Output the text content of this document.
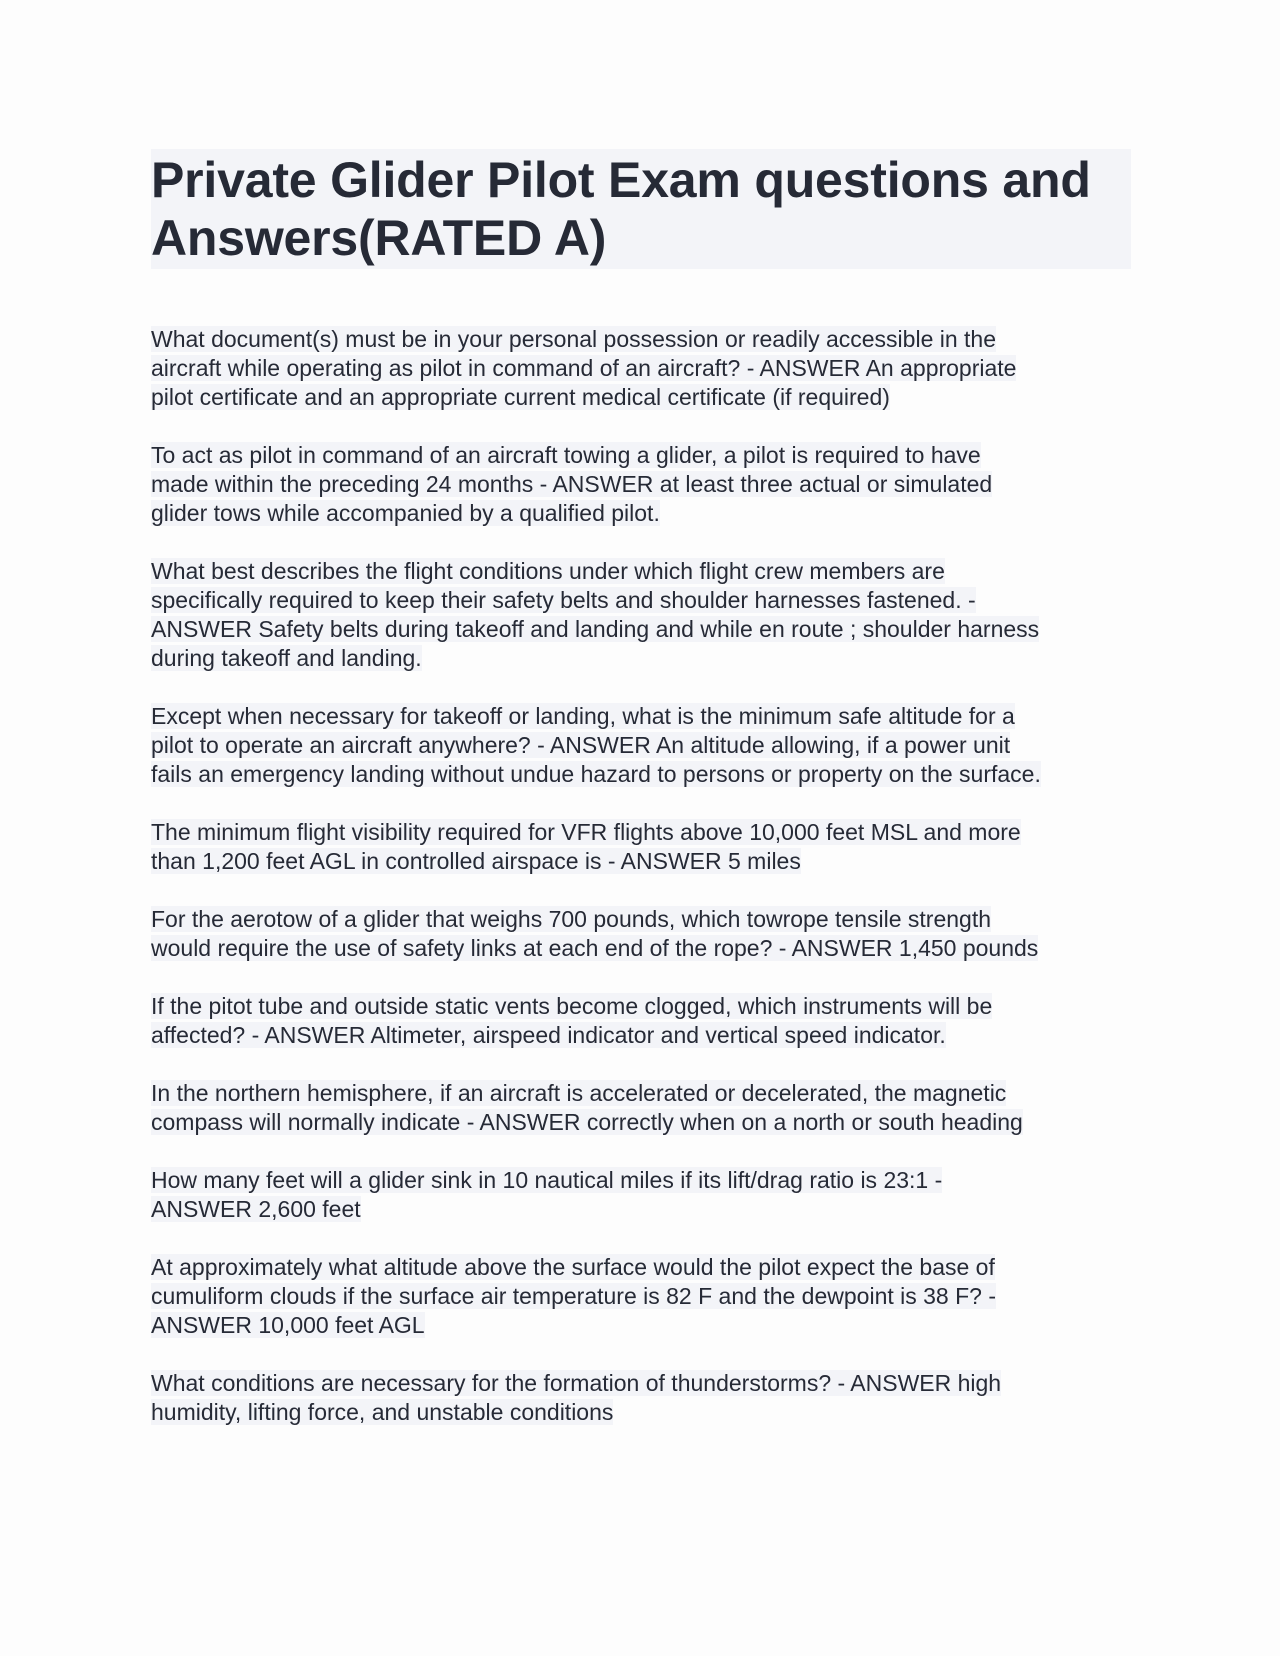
Private Glider Pilot Exam questions and Answers(RATED A)

What document(s) must be in your personal possession or readily accessible in the
aircraft while operating as pilot in command of an aircraft? - ANSWER An appropriate
pilot certificate and an appropriate current medical certificate (if required)

To act as pilot in command of an aircraft towing a glider, a pilot is required to have
made within the preceding 24 months - ANSWER at least three actual or simulated
glider tows while accompanied by a qualified pilot.

What best describes the flight conditions under which flight crew members are
specifically required to keep their safety belts and shoulder harnesses fastened. -
ANSWER Safety belts during takeoff and landing and while en route ; shoulder harness
during takeoff and landing.

Except when necessary for takeoff or landing, what is the minimum safe altitude for a
pilot to operate an aircraft anywhere? - ANSWER An altitude allowing, if a power unit
fails an emergency landing without undue hazard to persons or property on the surface.

The minimum flight visibility required for VFR flights above 10,000 feet MSL and more
than 1,200 feet AGL in controlled airspace is - ANSWER 5 miles

For the aerotow of a glider that weighs 700 pounds, which towrope tensile strength
would require the use of safety links at each end of the rope? - ANSWER 1,450 pounds

If the pitot tube and outside static vents become clogged, which instruments will be
affected? - ANSWER Altimeter, airspeed indicator and vertical speed indicator.

In the northern hemisphere, if an aircraft is accelerated or decelerated, the magnetic
compass will normally indicate - ANSWER correctly when on a north or south heading

How many feet will a glider sink in 10 nautical miles if its lift/drag ratio is 23:1 -
ANSWER 2,600 feet

At approximately what altitude above the surface would the pilot expect the base of
cumuliform clouds if the surface air temperature is 82 F and the dewpoint is 38 F? -
ANSWER 10,000 feet AGL

What conditions are necessary for the formation of thunderstorms? - ANSWER high
humidity, lifting force, and unstable conditions
